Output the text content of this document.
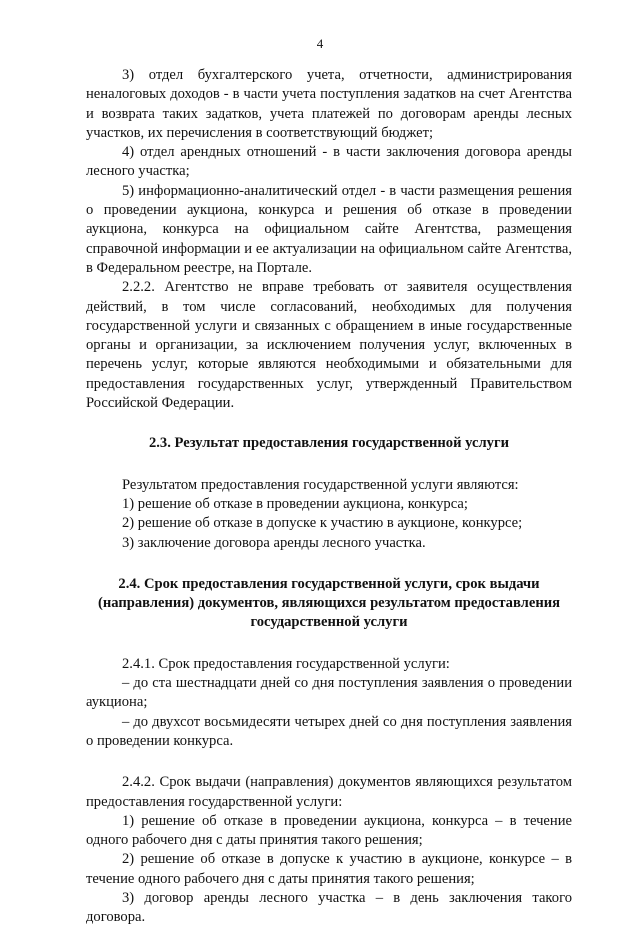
4

3) отдел бухгалтерского учета, отчетности, администрирования неналоговых доходов - в части учета поступления задатков на счет Агентства и возврата таких задатков, учета платежей по договорам аренды лесных участков, их перечисления в соответствующий бюджет;

4) отдел арендных отношений - в части заключения договора аренды лесного участка;

5) информационно-аналитический отдел - в части размещения решения о проведении аукциона, конкурса и решения об отказе в проведении аукциона, конкурса на официальном сайте Агентства, размещения справочной информации и ее актуализации на официальном сайте Агентства, в Федеральном реестре, на Портале.

2.2.2. Агентство не вправе требовать от заявителя осуществления действий, в том числе согласований, необходимых для получения государственной услуги и связанных с обращением в иные государственные органы и организации, за исключением получения услуг, включенных в перечень услуг, которые являются необходимыми и обязательными для предоставления государственных услуг, утвержденный Правительством Российской Федерации.

2.3. Результат предоставления государственной услуги

Результатом предоставления государственной услуги являются:

1) решение об отказе в проведении аукциона, конкурса;

2) решение об отказе в допуске к участию в аукционе, конкурсе;

3) заключение договора аренды лесного участка.

2.4. Срок предоставления государственной услуги, срок выдачи (направления) документов, являющихся результатом предоставления государственной услуги

2.4.1. Срок предоставления государственной услуги:

– до ста шестнадцати дней со дня поступления заявления о проведении аукциона;

– до двухсот восьмидесяти четырех дней со дня поступления заявления о проведении конкурса.

2.4.2. Срок выдачи (направления) документов являющихся результатом предоставления государственной услуги:

1) решение об отказе в проведении аукциона, конкурса – в течение одного рабочего дня с даты принятия такого решения;

2) решение об отказе в допуске к участию в аукционе, конкурсе – в течение одного рабочего дня с даты принятия такого решения;

3) договор аренды лесного участка – в день заключения такого договора.
